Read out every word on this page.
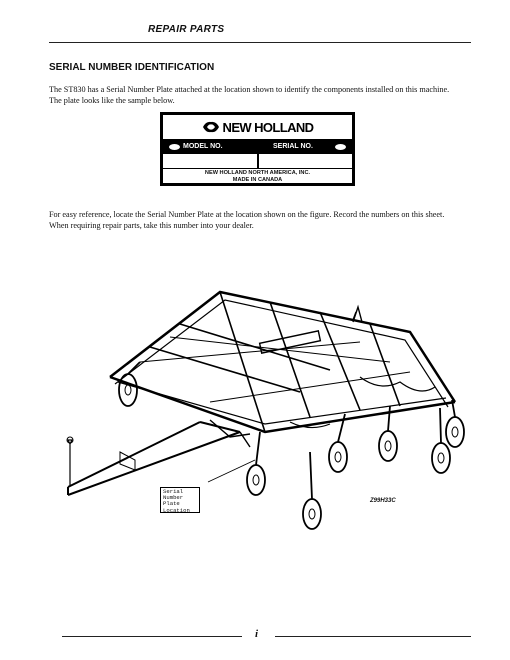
REPAIR PARTS
SERIAL NUMBER IDENTIFICATION
The ST830 has a Serial Number Plate attached at the location shown to identify the components installed on this machine.
The plate looks like the sample below.
NEW HOLLAND
MODEL NO.	SERIAL NO.
NEW HOLLAND NORTH AMERICA, INC.
MADE IN CANADA
For easy reference, locate the Serial Number Plate at the location shown on the figure. Record the numbers on this sheet.
When requiring repair parts, take this number into your dealer.
Serial
Number
Plate
Location
Z99H33C
i
